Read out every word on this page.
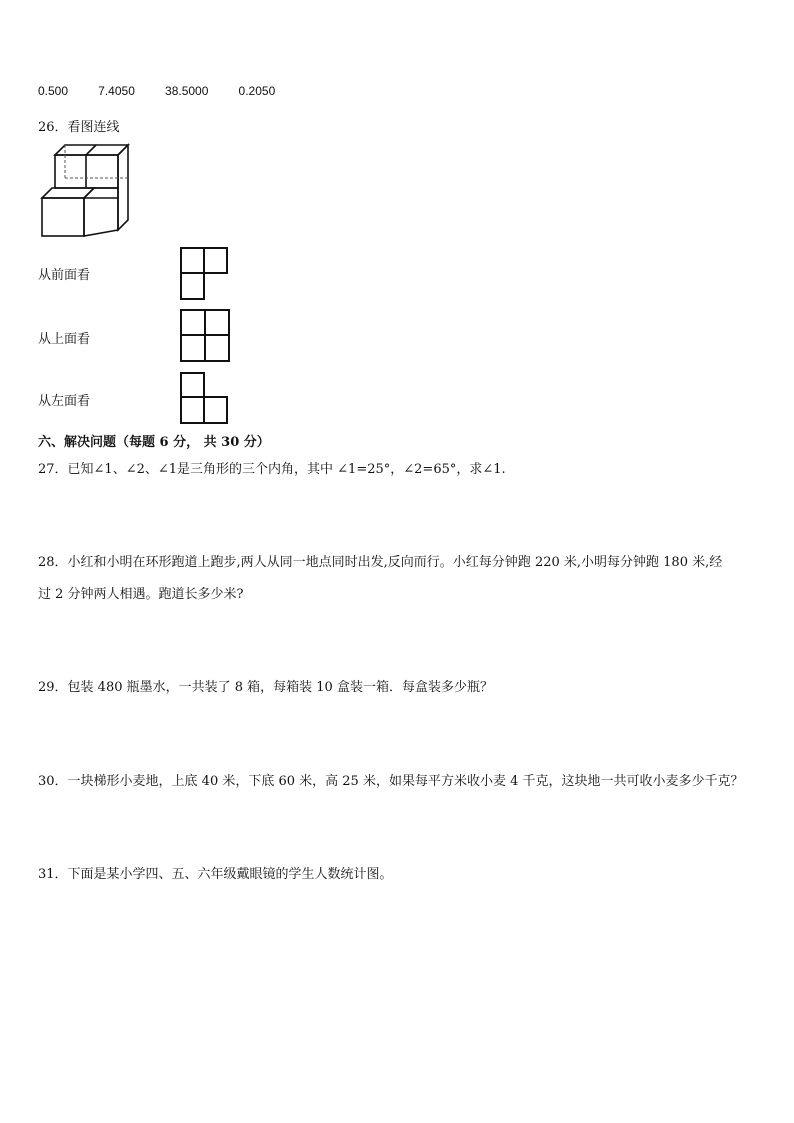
0.500	7.4050	38.5000	0.2050
26．看图连线
从前面看
从上面看
从左面看
六、解决问题（每题 6 分， 共 30 分）
27．已知∠1、∠2、∠1是三角形的三个内角，其中 ∠1=25°，∠2=65°，求∠1.
28．小红和小明在环形跑道上跑步,两人从同一地点同时出发,反向而行。小红每分钟跑 220 米,小明每分钟跑 180 米,经
过 2 分钟两人相遇。跑道长多少米?
29．包装 480 瓶墨水，一共装了 8 箱，每箱装 10 盒装一箱．每盒装多少瓶？
30．一块梯形小麦地，上底 40 米，下底 60 米，高 25 米，如果每平方米收小麦 4 千克，这块地一共可收小麦多少千克？
31．下面是某小学四、五、六年级戴眼镜的学生人数统计图。
